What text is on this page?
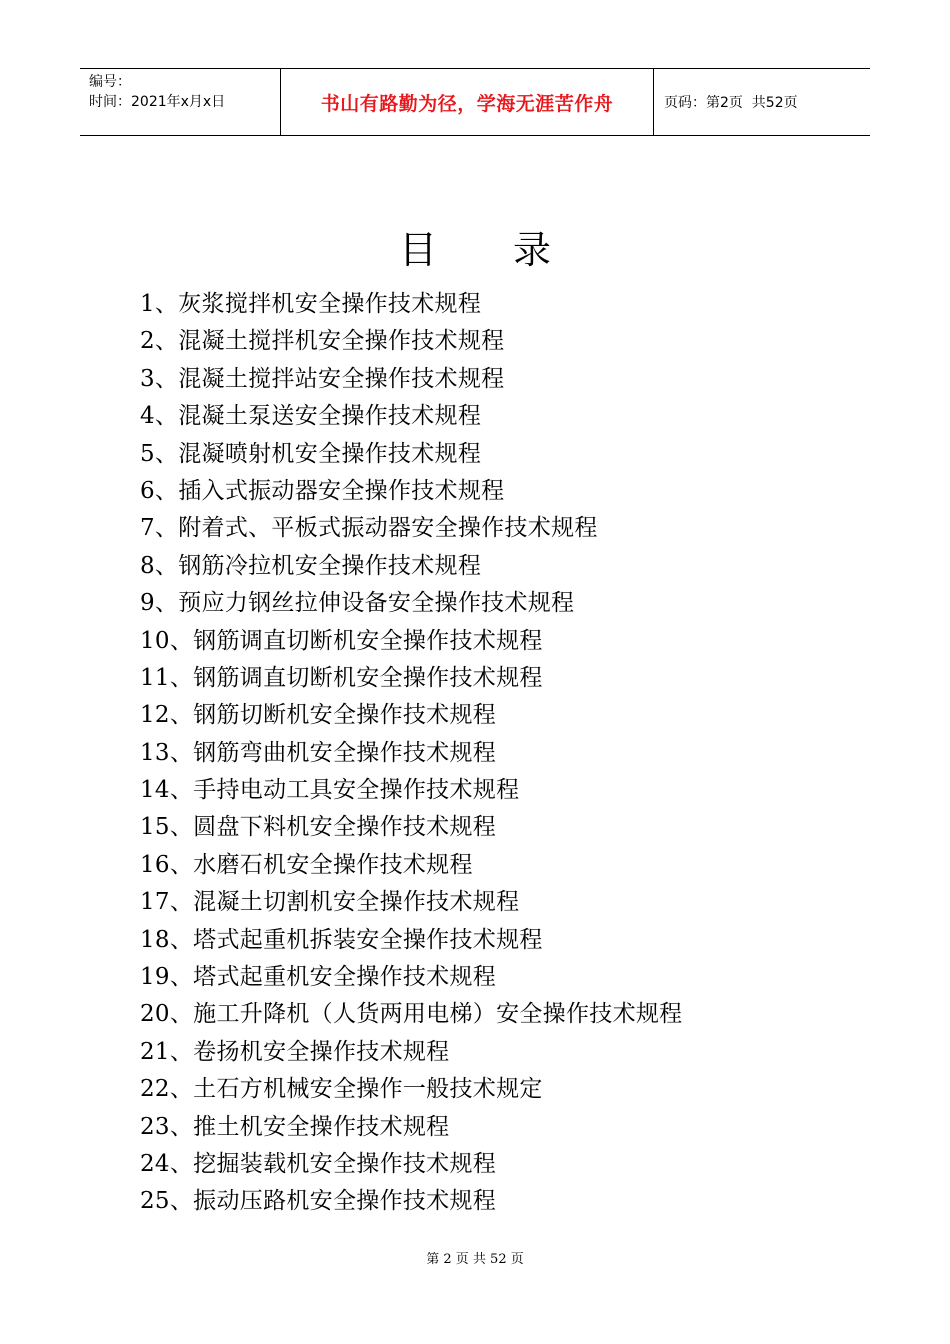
编号：
时间：2021年x月x日	书山有路勤为径，学海无涯苦作舟	页码：第2页  共52页
目 录
1、灰浆搅拌机安全操作技术规程
2、混凝土搅拌机安全操作技术规程
3、混凝土搅拌站安全操作技术规程
4、混凝土泵送安全操作技术规程
5、混凝喷射机安全操作技术规程
6、插入式振动器安全操作技术规程
7、附着式、平板式振动器安全操作技术规程
8、钢筋冷拉机安全操作技术规程
9、预应力钢丝拉伸设备安全操作技术规程
10、钢筋调直切断机安全操作技术规程
11、钢筋调直切断机安全操作技术规程
12、钢筋切断机安全操作技术规程
13、钢筋弯曲机安全操作技术规程
14、手持电动工具安全操作技术规程
15、圆盘下料机安全操作技术规程
16、水磨石机安全操作技术规程
17、混凝土切割机安全操作技术规程
18、塔式起重机拆装安全操作技术规程
19、塔式起重机安全操作技术规程
20、施工升降机（人货两用电梯）安全操作技术规程
21、卷扬机安全操作技术规程
22、土石方机械安全操作一般技术规定
23、推土机安全操作技术规程
24、挖掘装载机安全操作技术规程
25、振动压路机安全操作技术规程
第 2 页 共 52 页
